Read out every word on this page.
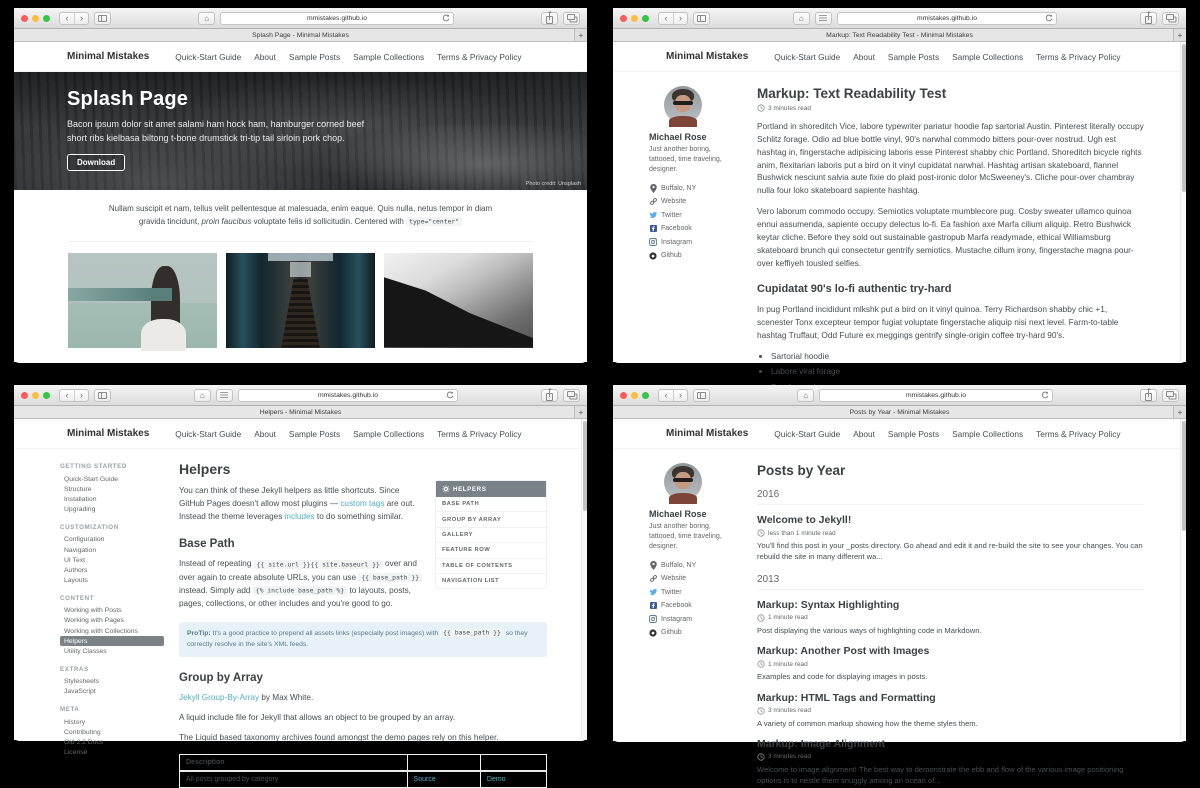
‹	›	⌂	mmistakes.github.io
Splash Page - Minimal Mistakes	+
Minimal Mistakes	Quick-Start Guide About Sample Posts Sample Collections Terms & Privacy Policy
Splash Page
Bacon ipsum dolor sit amet salami ham hock ham, hamburger corned beef short ribs kielbasa biltong t-bone drumstick tri-tip tail sirloin pork chop.
Download
Photo credit: Unsplash
Nullam suscipit et nam, tellus velit pellentesque at malesuada, enim eaque. Quis nulla, netus tempor in diam gravida tincidunt, proin faucibus voluptate felis id sollicitudin. Centered with type="center"
‹	›	⌂	mmistakes.github.io
Markup: Text Readability Test - Minimal Mistakes	+
Minimal Mistakes	Quick-Start Guide About Sample Posts Sample Collections Terms & Privacy Policy
Michael Rose
Just another boring, tattooed, time traveling, designer.
Buffalo, NY
Website
Twitter
Facebook
Instagram
Github
Markup: Text Readability Test
3 minutes read

Portland in shoreditch Vice, labore typewriter pariatur hoodie fap sartorial Austin. Pinterest literally occupy Schlitz forage. Odio ad blue bottle vinyl, 90's narwhal commodo bitters pour-over nostrud. Ugh est hashtag in, fingerstache adipisicing laboris esse Pinterest shabby chic Portland. Shoreditch bicycle rights anim, flexitarian laboris put a bird on it vinyl cupidatat narwhal. Hashtag artisan skateboard, flannel Bushwick nesciunt salvia aute fixie do plaid post-ironic dolor McSweeney's. Cliche pour-over chambray nulla four loko skateboard sapiente hashtag.

Vero laborum commodo occupy. Semiotics voluptate mumblecore pug. Cosby sweater ullamco quinoa ennui assumenda, sapiente occupy delectus lo-fi. Ea fashion axe Marfa cilium aliquip. Retro Bushwick keytar cliche. Before they sold out sustainable gastropub Marfa readymade, ethical Williamsburg skateboard brunch qui consectetur gentrify semiotics. Mustache cillum irony, fingerstache magna pour-over keffiyeh tousled selfies.

Cupidatat 90's lo-fi authentic try-hard

In pug Portland incididunt mlkshk put a bird on it vinyl quinoa. Terry Richardson shabby chic +1, scenester Tonx excepteur tempor fugiat voluptate fingerstache aliquip nisi next level. Farm-to-table hashtag Truffaut, Odd Future ex meggings gentrify single-origin coffee try-hard 90's.

• Sartorial hoodie
• Labore viral forage
•
•
‹	›	⌂	mmistakes.github.io
Helpers - Minimal Mistakes	+
Minimal Mistakes	Quick-Start Guide About Sample Posts Sample Collections Terms & Privacy Policy
GETTING STARTED
Quick-Start Guide
Structure
Installation
Upgrading
CUSTOMIZATION
Configuration
Navigation
UI Text
Authors
Layouts
CONTENT
Working with Posts
Working with Pages
Working with Collections
Helpers
Utility Classes
EXTRAS
Stylesheets
JavaScript
META
History
Contributing
Old 2.2 Docs
License
Helpers
HELPERS
BASE PATH
GROUP BY ARRAY
GALLERY
FEATURE ROW
TABLE OF CONTENTS
NAVIGATION LIST

You can think of these Jekyll helpers as little shortcuts. Since GitHub Pages doesn't allow most plugins — custom tags are out. Instead the theme leverages includes to do something similar.

Base Path

Instead of repeating {{ site.url }}{{ site.baseurl }} over and over again to create absolute URLs, you can use {{ base_path }} instead. Simply add {% include base_path %} to layouts, posts, pages, collections, or other includes and you're good to go.

ProTip: It's a good practice to prepend all assets links (especially post images) with {{ base_path }} so they correctly resolve in the site's XML feeds.
Group by Array

Jekyll Group-By-Array by Max White.

A liquid include file for Jekyll that allows an object to be grouped by an array.

The Liquid based taxonomy archives found amongst the demo pages rely on this helper.

Description		
All posts grouped by category	Source	Demo
‹	›	⌂	mmistakes.github.io
Posts by Year - Minimal Mistakes	+
Minimal Mistakes	Quick-Start Guide About Sample Posts Sample Collections Terms & Privacy Policy
Michael Rose
Just another boring, tattooed, time traveling, designer.
Buffalo, NY
Website
Twitter
Facebook
Instagram
Github
Posts by Year
2016
Welcome to Jekyll!
less than 1 minute read
You'll find this post in your _posts directory. Go ahead and edit it and re-build the site to see your changes. You can rebuild the site in many different wa...
2013
Markup: Syntax Highlighting
1 minute read
Post displaying the various ways of highlighting code in Markdown.
Markup: Another Post with Images
1 minute read
Examples and code for displaying images in posts.
Markup: HTML Tags and Formatting
3 minutes read
A variety of common markup showing how the theme styles them.
Markup: Image Alignment
3 minutes read
Welcome to image alignment! The best way to demonstrate the ebb and flow of the various image positioning options is to nestle them snuggly among an ocean of...
